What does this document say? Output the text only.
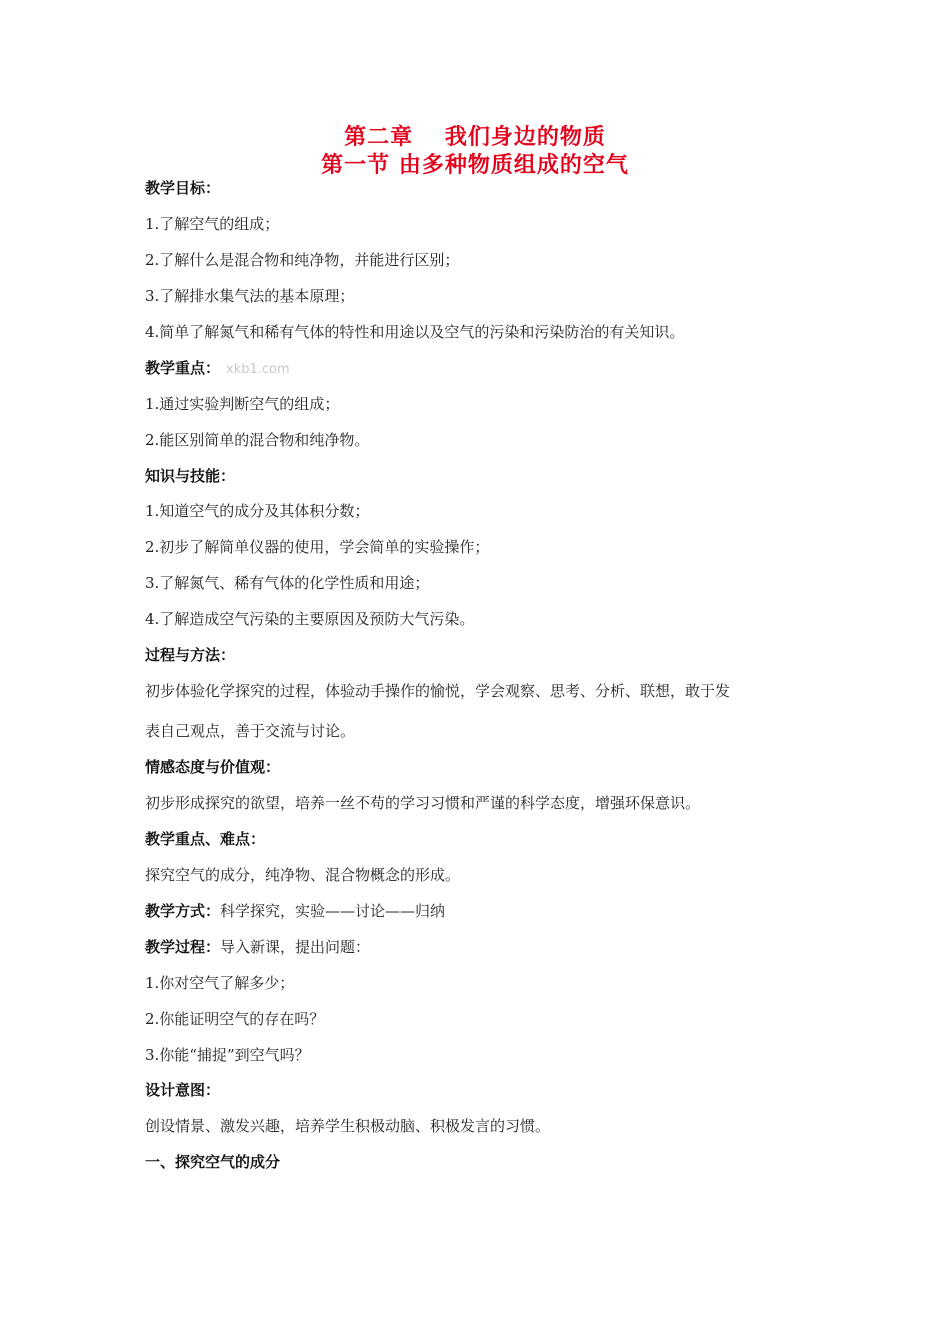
第二章　 我们身边的物质
第一节 由多种物质组成的空气
教学目标：
1.了解空气的组成；
2.了解什么是混合物和纯净物，并能进行区别；
3.了解排水集气法的基本原理；
4.简单了解氮气和稀有气体的特性和用途以及空气的污染和污染防治的有关知识。
教学重点： xkb1.com
1.通过实验判断空气的组成；
2.能区别简单的混合物和纯净物。
知识与技能：
1.知道空气的成分及其体积分数；
2.初步了解简单仪器的使用，学会简单的实验操作；
3.了解氮气、稀有气体的化学性质和用途；
4.了解造成空气污染的主要原因及预防大气污染。
过程与方法：
初步体验化学探究的过程，体验动手操作的愉悦，学会观察、思考、分析、联想，敢于发
表自己观点，善于交流与讨论。
情感态度与价值观：
初步形成探究的欲望，培养一丝不苟的学习习惯和严谨的科学态度，增强环保意识。
教学重点、难点：
探究空气的成分，纯净物、混合物概念的形成。
教学方式：科学探究，实验——讨论——归纳
教学过程：导入新课，提出问题：
1.你对空气了解多少；
2.你能证明空气的存在吗？
3.你能“捕捉”到空气吗？
设计意图：
创设情景、激发兴趣，培养学生积极动脑、积极发言的习惯。
一、探究空气的成分
